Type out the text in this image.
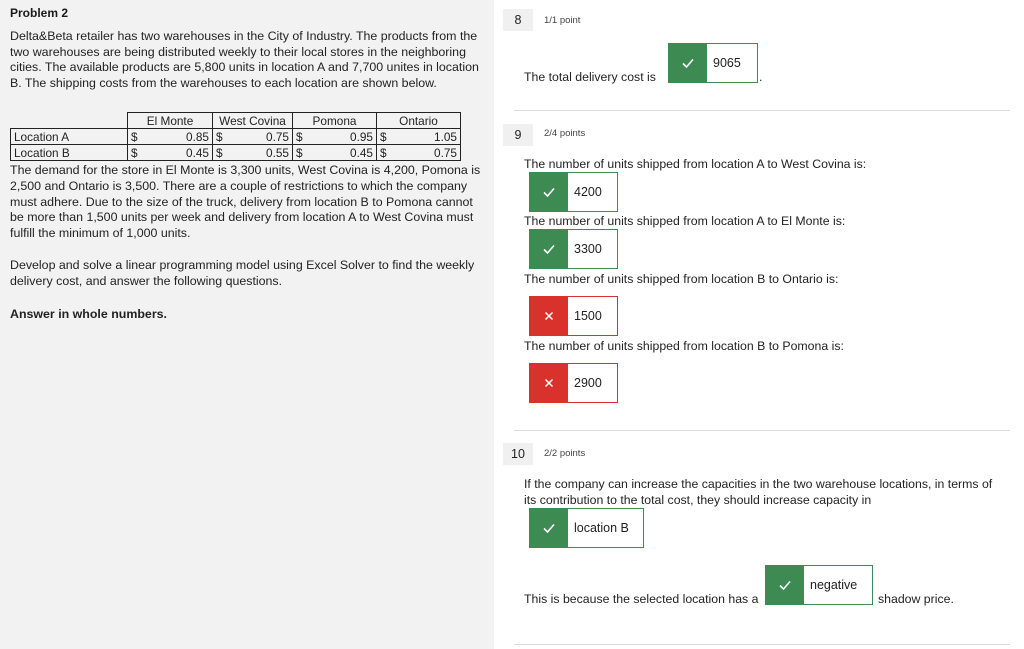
Problem 2

Delta&Beta retailer has two warehouses in the City of Industry. The products from the two warehouses are being distributed weekly to their local stores in the neighboring cities. The available products are 5,800 units in location A and 7,700 unites in location B. The shipping costs from the warehouses to each location are shown below.

	El Monte		West Covina		Pomona		Ontario	
Location A	$	0.85	$	0.75	$	0.95	$	1.05
Location B	$	0.45	$	0.55	$	0.45	$	0.75

The demand for the store in El Monte is 3,300 units, West Covina is 4,200, Pomona is 2,500 and Ontario is 3,500. There are a couple of restrictions to which the company must adhere. Due to the size of the truck, delivery from location B to Pomona cannot be more than 1,500 units per week and delivery from location A to West Covina must fulfill the minimum of 1,000 units.

Develop and solve a linear programming model using Excel Solver to find the weekly delivery cost, and answer the following questions.

Answer in whole numbers.

8	1/1 point
The total delivery cost is
9065
.
9	2/4 points
The number of units shipped from location A to West Covina is:
4200
The number of units shipped from location A to El Monte is:
3300
The number of units shipped from location B to Ontario is:
1500
The number of units shipped from location B to Pomona is:
2900
10	2/2 points
If the company can increase the capacities in the two warehouse locations, in terms of its contribution to the total cost, they should increase capacity in
location B
This is because the selected location has a
negative
shadow price.
